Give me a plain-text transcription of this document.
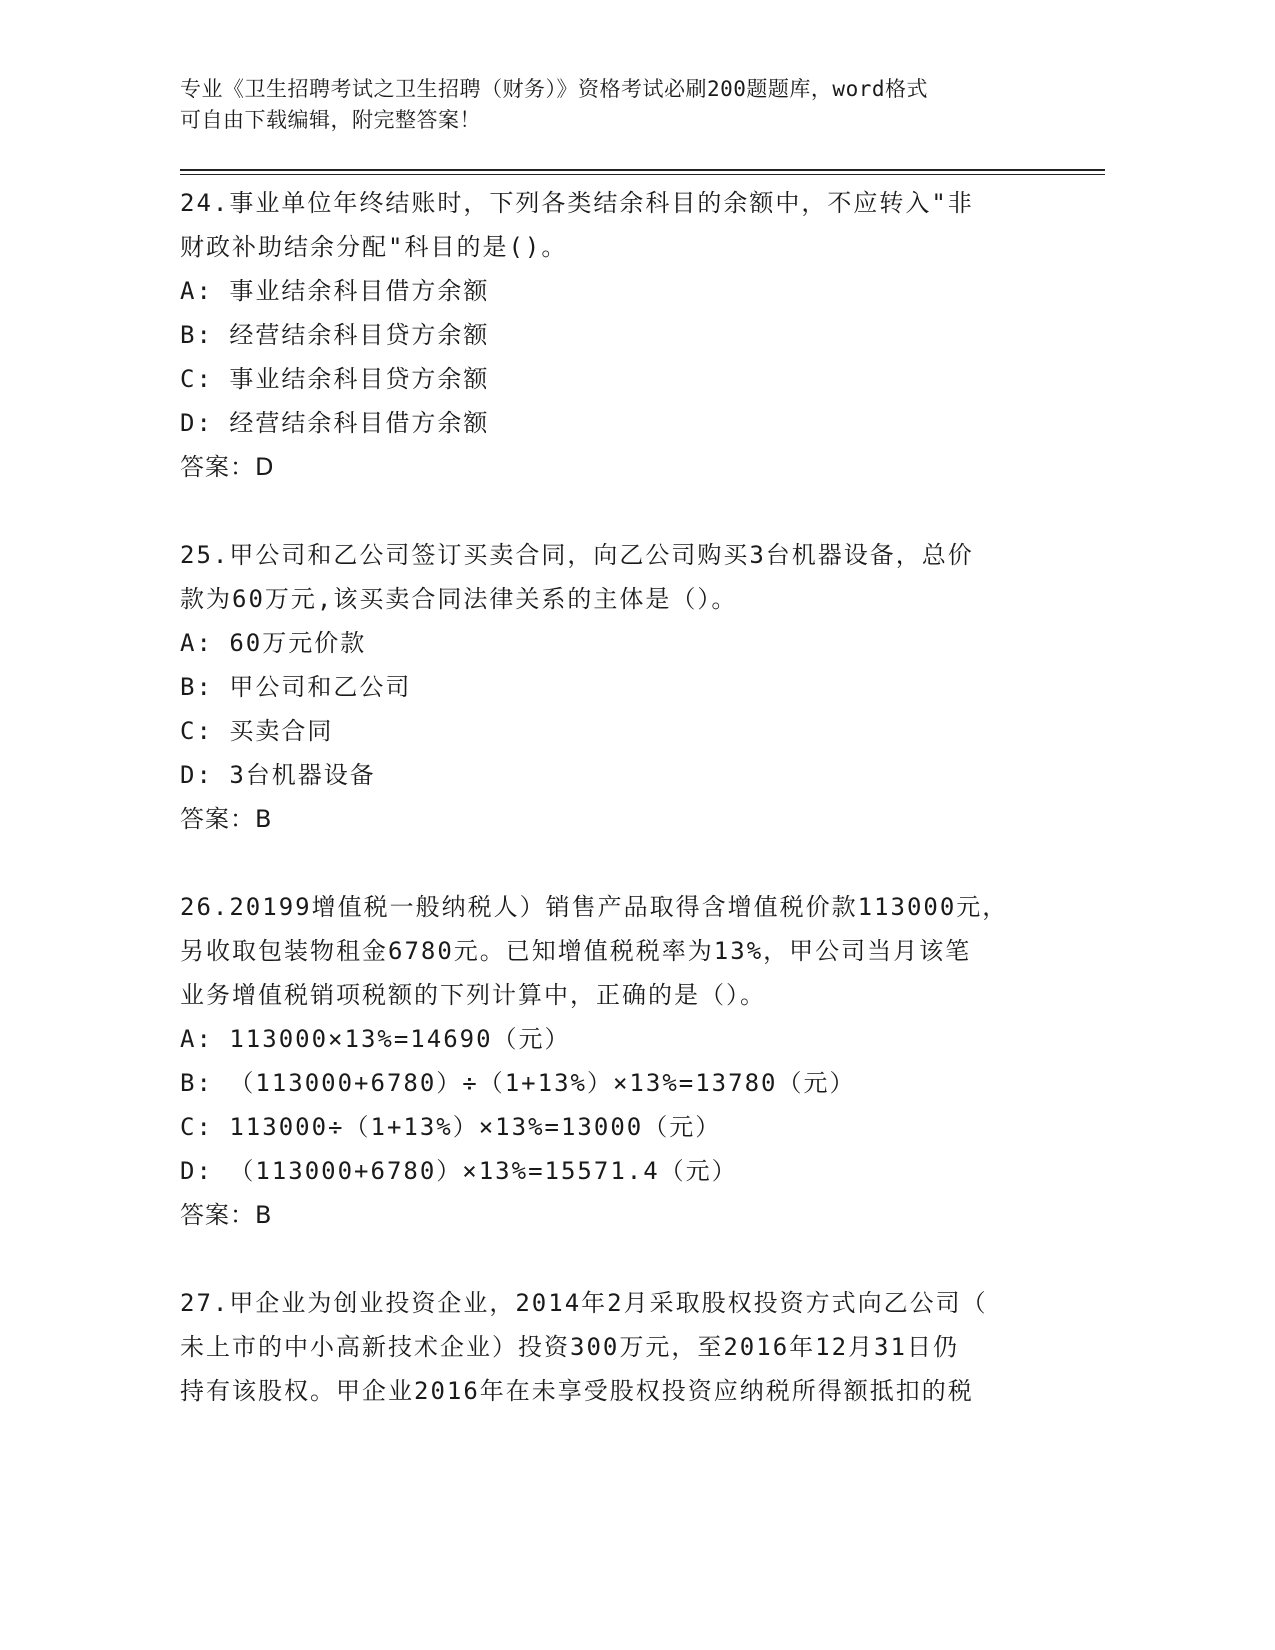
专业《卫生招聘考试之卫生招聘（财务）》资格考试必刷200题题库，word格式

可自由下载编辑，附完整答案！

24.事业单位年终结账时，下列各类结余科目的余额中，不应转入"非

财政补助结余分配"科目的是()。

A: 事业结余科目借方余额

B: 经营结余科目贷方余额

C: 事业结余科目贷方余额

D: 经营结余科目借方余额

答案：D

25.甲公司和乙公司签订买卖合同，向乙公司购买3台机器设备，总价

款为60万元,该买卖合同法律关系的主体是（）。

A: 60万元价款

B: 甲公司和乙公司

C: 买卖合同

D: 3台机器设备

答案：B

26.20199增值税一般纳税人）销售产品取得含增值税价款113000元，

另收取包装物租金6780元。已知增值税税率为13%，甲公司当月该笔

业务增值税销项税额的下列计算中，正确的是（）。

A: 113000×13%=14690（元）

B: （113000+6780）÷（1+13%）×13%=13780（元）

C: 113000÷（1+13%）×13%=13000（元）

D: （113000+6780）×13%=15571.4（元）

答案：B

27.甲企业为创业投资企业，2014年2月采取股权投资方式向乙公司（

未上市的中小高新技术企业）投资300万元，至2016年12月31日仍

持有该股权。甲企业2016年在未享受股权投资应纳税所得额抵扣的税
